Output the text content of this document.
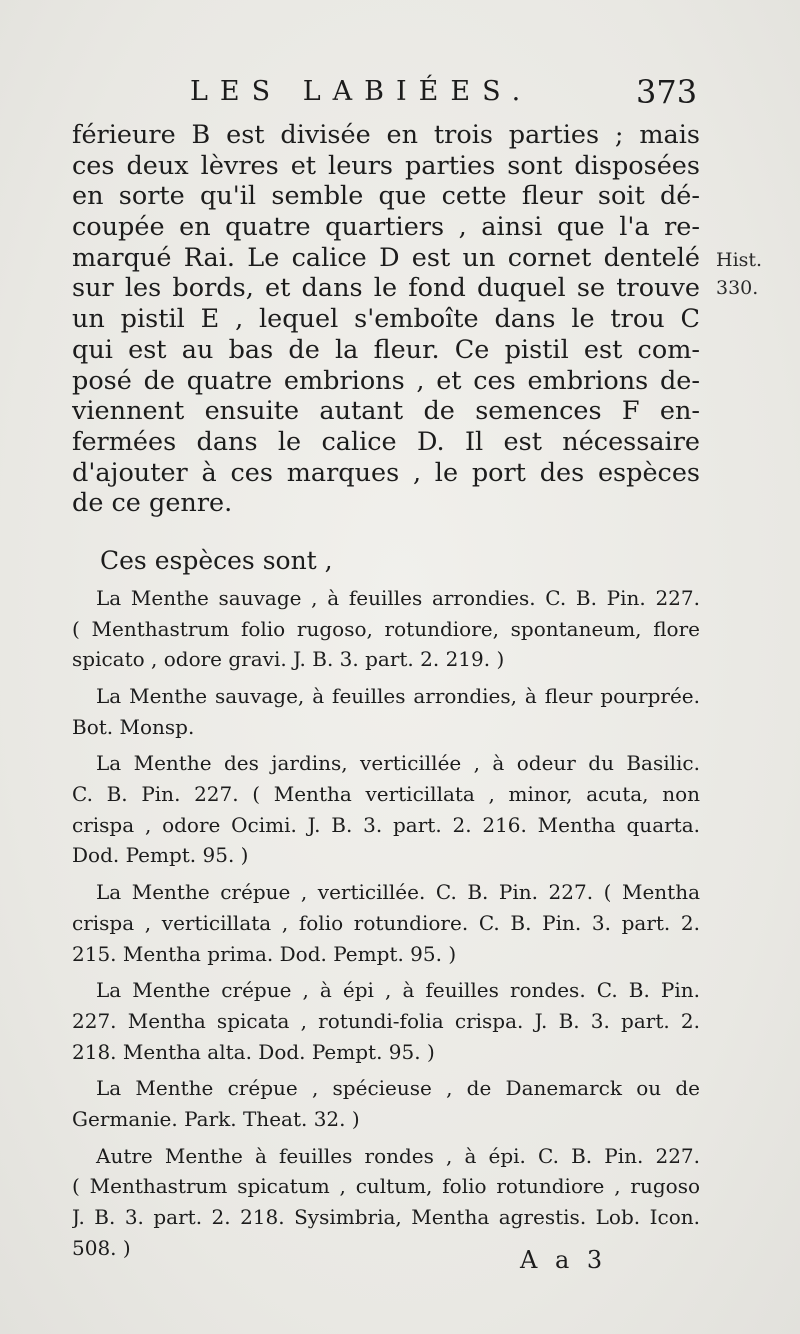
LES LABIÉES.	373
Hist.
330.
férieure B est divisée en trois parties ; mais
ces deux lèvres et leurs parties sont disposées
en sorte qu'il semble que cette fleur soit dé-
coupée en quatre quartiers , ainsi que l'a re-
marqué Rai. Le calice D est un cornet dentelé
sur les bords, et dans le fond duquel se trouve
un pistil E , lequel s'emboîte dans le trou C
qui est au bas de la fleur. Ce pistil est com-
posé de quatre embrions , et ces embrions de-
viennent ensuite autant de semences F en-
fermées dans le calice D. Il est nécessaire
d'ajouter à ces marques , le port des espèces
de ce genre.
Ces espèces sont ,
La Menthe sauvage , à feuilles arrondies. C. B. Pin. 227.
( Menthastrum folio rugoso, rotundiore, spontaneum, flore
spicato , odore gravi. J. B. 3. part. 2. 219. )
La Menthe sauvage, à feuilles arrondies, à fleur pourprée.
Bot. Monsp.
La Menthe des jardins, verticillée , à odeur du Basilic.
C. B. Pin. 227. ( Mentha verticillata , minor, acuta, non
crispa , odore Ocimi. J. B. 3. part. 2. 216. Mentha quarta.
Dod. Pempt. 95. )
La Menthe crépue , verticillée. C. B. Pin. 227. ( Mentha
crispa , verticillata , folio rotundiore. C. B. Pin. 3. part. 2.
215. Mentha prima. Dod. Pempt. 95. )
La Menthe crépue , à épi , à feuilles rondes. C. B. Pin.
227. Mentha spicata , rotundi-folia crispa. J. B. 3. part. 2.
218. Mentha alta. Dod. Pempt. 95. )
La Menthe crépue , spécieuse , de Danemarck ou de
Germanie. Park. Theat. 32. )
Autre Menthe à feuilles rondes , à épi. C. B. Pin. 227.
( Menthastrum spicatum , cultum, folio rotundiore , rugoso
J. B. 3. part. 2. 218. Sysimbria, Mentha agrestis. Lob. Icon.
508. )	A a 3
